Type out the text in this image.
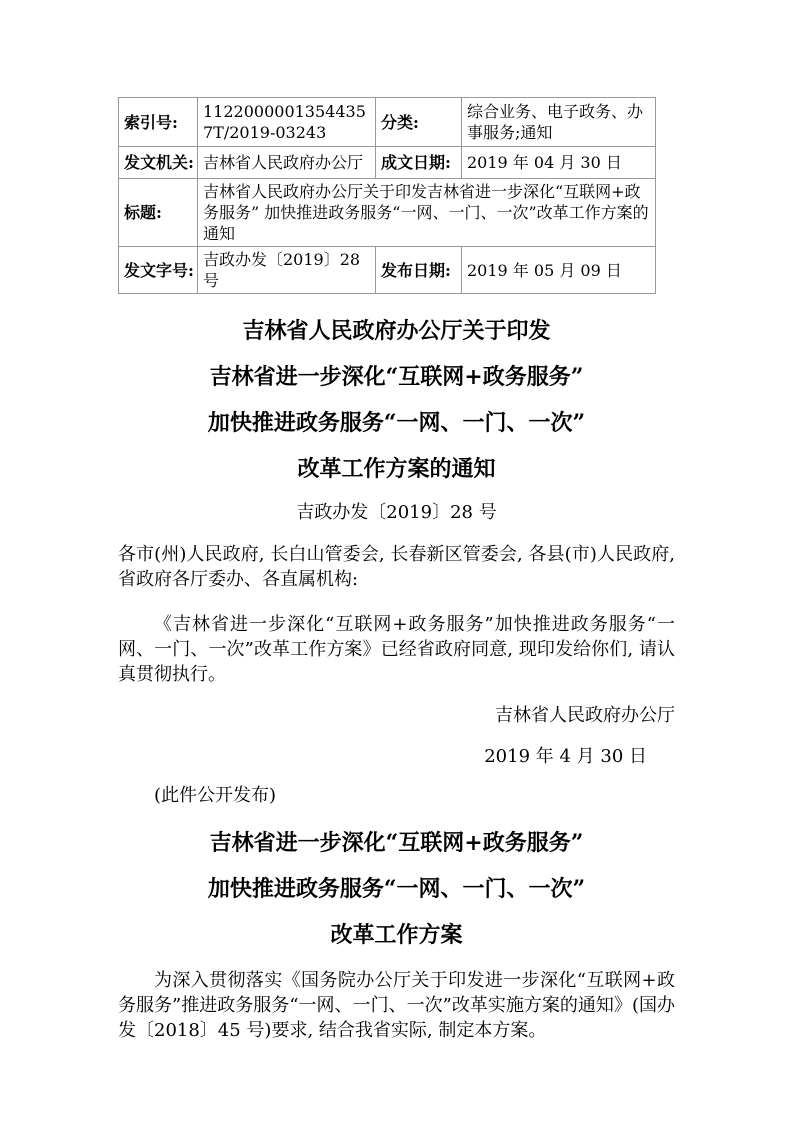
索引号:	11220000013544357T/2019-03243	分类:	综合业务、电子政务、办事服务;通知
发文机关:	吉林省人民政府办公厅	成文日期:	2019 年 04 月 30 日
标题:	吉林省人民政府办公厅关于印发吉林省进一步深化“互联网+政务服务” 加快推进政务服务“一网、一门、一次”改革工作方案的通知		
发文字号:	吉政办发〔2019〕28 号	发布日期:	2019 年 05 月 09 日
吉林省人民政府办公厅关于印发
吉林省进一步深化“互联网+政务服务”
加快推进政务服务“一网、一门、一次”
改革工作方案的通知
吉政办发〔2019〕28 号

各市(州)人民政府, 长白山管委会, 长春新区管委会, 各县(市)人民政府, 省政府各厅委办、各直属机构:

《吉林省进一步深化“互联网+政务服务”加快推进政务服务“一网、一门、一次”改革工作方案》已经省政府同意, 现印发给你们, 请认真贯彻执行。

吉林省人民政府办公厅
2019 年 4 月 30 日
(此件公开发布)
吉林省进一步深化“互联网+政务服务”
加快推进政务服务“一网、一门、一次”
改革工作方案

为深入贯彻落实《国务院办公厅关于印发进一步深化“互联网+政务服务”推进政务服务“一网、一门、一次”改革实施方案的通知》(国办发〔2018〕45 号)要求, 结合我省实际, 制定本方案。
